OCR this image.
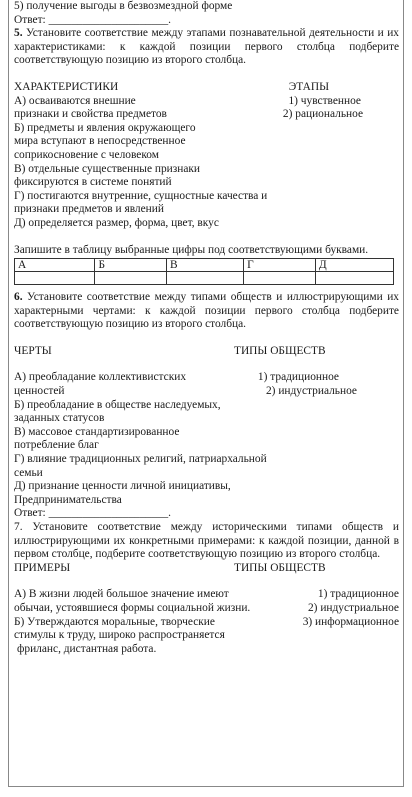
5) получение выгоды в безвозмездной форме
Ответ: _____________________.
5. Установите соответствие между этапами познавательной деятельности и их характеристиками: к каждой позиции первого столбца подберите соответствующую позицию из второго столбца.
ХАРАКТЕРИСТИКИ	ЭТАПЫ
А) осваиваются внешние	1) чувственное
признаки и свойства предметов	2) рациональное
Б) предметы и явления окружающего
мира вступают в непосредственное
соприкосновение с человеком
В) отдельные существенные признаки
фиксируются в системе понятий
Г) постигаются внутренние, сущностные качества и
признаки предметов и явлений
Д) определяется размер, форма, цвет, вкус
Запишите в таблицу выбранные цифры под соответствующими буквами.
А	Б	В	Г	Д

6. Установите соответствие между типами обществ и иллюстрирующими их характерными чертами: к каждой позиции первого столбца подберите соответствующую позицию из второго столбца.
ЧЕРТЫ	ТИПЫ ОБЩЕСТВ
А) преобладание коллективистских	1) традиционное
ценностей	2) индустриальное
Б) преобладание в обществе наследуемых,
заданных статусов
В) массовое стандартизированное
потребление благ
Г) влияние традиционных религий, патриархальной
семьи
Д) признание ценности личной инициативы,
Предпринимательства
Ответ: _____________________.
7. Установите соответствие между историческими типами обществ и иллюстрирующими их конкретными примерами: к каждой позиции, данной в первом столбце, подберите соответствующую позицию из второго столбца.
ПРИМЕРЫ	ТИПЫ ОБЩЕСТВ
А) В жизни людей большое значение имеют	1) традиционное
обычаи, устоявшиеся формы социальной жизни.	2) индустриальное
Б) Утверждаются моральные, творческие	3) информационное
стимулы к труду, широко распространяется
фриланс, дистантная работа.
